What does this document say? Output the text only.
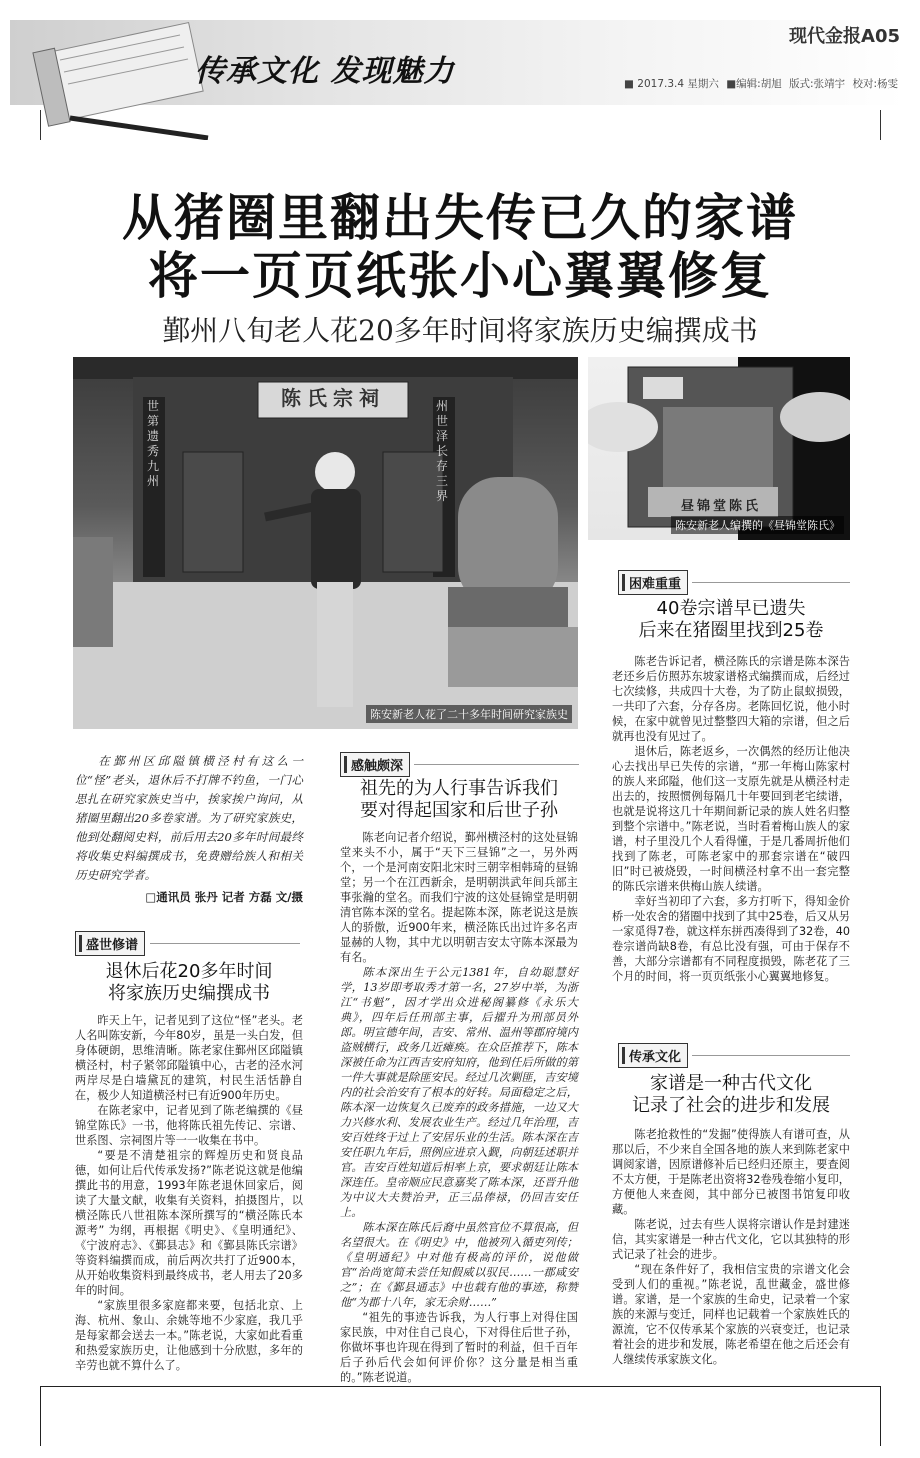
传承文化 发现魅力
现代金报A05
■ 2017.3.4 星期六 ■编辑:胡旭 版式:张靖宇 校对:杨雯
从猪圈里翻出失传已久的家谱
将一页页纸张小心翼翼修复
鄞州八旬老人花20多年时间将家族历史编撰成书
陈氏宗祠
世第遗秀九州
州世泽长存三界
陈安新老人花了二十多年时间研究家族史
昼锦堂陈氏
陈安新老人编撰的《昼锦堂陈氏》

在鄞州区邱隘镇横泾村有这么一位“怪”老头，退休后不打牌不钓鱼，一门心思扎在研究家族史当中，挨家挨户询问，从猪圈里翻出20多卷家谱。为了研究家族史，他到处翻阅史料，前后用去20多年时间最终将收集史料编撰成书，免费赠给族人和相关历史研究学者。

□通讯员 张丹 记者 方磊 文/摄
盛世修谱
退休后花20多年时间
将家族历史编撰成书

昨天上午，记者见到了这位“怪”老头。老人名叫陈安新，今年80岁，虽是一头白发，但身体硬朗，思维清晰。陈老家住鄞州区邱隘镇横泾村，村子紧邻邱隘镇中心，古老的泾水河两岸尽是白墙黛瓦的建筑，村民生活恬静自在，极少人知道横泾村已有近900年历史。

在陈老家中，记者见到了陈老编撰的《昼锦堂陈氏》一书，他将陈氏祖先传记、宗谱、世系图、宗祠图片等一一收集在书中。

“要是不清楚祖宗的辉煌历史和贤良品德，如何让后代传承发扬?”陈老说这就是他编撰此书的用意，1993年陈老退休回家后，阅读了大量文献，收集有关资料，拍摄图片，以横泾陈氏八世祖陈本深所撰写的“横泾陈氏本源考” 为纲，再根据《明史》、《皇明通纪》、《宁波府志》、《鄞县志》和《鄞县陈氏宗谱》等资料编撰而成，前后两次共打了近900本，从开始收集资料到最终成书，老人用去了20多年的时间。

“家族里很多家庭都来要，包括北京、上海、杭州、象山、余姚等地不少家庭，我几乎是每家都会送去一本。”陈老说，大家如此看重和热爱家族历史，让他感到十分欣慰，多年的辛劳也就不算什么了。

感触颇深
祖先的为人行事告诉我们
要对得起国家和后世子孙

陈老向记者介绍说，鄞州横泾村的这处昼锦堂来头不小，属于“天下三昼锦”之一，另外两个，一个是河南安阳北宋时三朝宰相韩琦的昼锦堂；另一个在江西新余，是明朝洪武年间兵部主事张瀚的堂名。而我们宁波的这处昼锦堂是明朝清官陈本深的堂名。提起陈本深，陈老说这是族人的骄傲，近900年来，横泾陈氏出过许多名声显赫的人物，其中尤以明朝吉安太守陈本深最为有名。

陈本深出生于公元1381年，自幼聪慧好学，13岁即考取秀才第一名，27岁中举，为浙江“书魁”，因才学出众进秘阁纂修《永乐大典》，四年后任刑部主事，后擢升为刑部员外郎。明宣德年间，吉安、常州、温州等郡府境内盗贼横行，政务几近瘫痪。在众臣推荐下，陈本深被任命为江西吉安府知府，他到任后所做的第一件大事就是除匪安民。经过几次剿匪，吉安境内的社会治安有了根本的好转。局面稳定之后，陈本深一边恢复久已废弃的政务措施，一边又大力兴修水利、发展农业生产。经过几年治理，吉安百姓终于过上了安居乐业的生活。陈本深在吉安任职九年后，照例应进京入觐，向朝廷述职并官。吉安百姓知道后相率上京，要求朝廷让陈本深连任。皇帝顺应民意嘉奖了陈本深，还晋升他为中议大夫赞治尹，正三品俸禄，仍回吉安任上。

陈本深在陈氏后裔中虽然官位不算很高，但名望很大。在《明史》中，他被列入循吏列传；《皇明通纪》中对他有极高的评价，说他做官“治尚宽简未尝任知假威以驭民……一郡咸安之”；在《鄞县通志》中也载有他的事迹，称赞他“为郡十八年，家无余财……”

“祖先的事迹告诉我，为人行事上对得住国家民族，中对住自己良心，下对得住后世子孙，你做坏事也许现在得到了暂时的利益，但千百年后子孙后代会如何评价你？这分量是相当重的。”陈老说道。

困难重重
40卷宗谱早已遗失
后来在猪圈里找到25卷

陈老告诉记者，横泾陈氏的宗谱是陈本深告老还乡后仿照苏东坡家谱格式编撰而成，后经过七次续修，共成四十大卷，为了防止鼠蚁损毁，一共印了六套，分存各房。老陈回忆说，他小时候，在家中就曾见过整整四大箱的宗谱，但之后就再也没有见过了。

退休后，陈老返乡，一次偶然的经历让他决心去找出早已失传的宗谱，“那一年梅山陈家村的族人来邱隘，他们这一支原先就是从横泾村走出去的，按照惯例每隔几十年要回到老宅续谱，也就是说将这几十年期间新记录的族人姓名归整到整个宗谱中。”陈老说，当时看着梅山族人的家谱，村子里没几个人看得懂，于是几番周折他们找到了陈老，可陈老家中的那套宗谱在“破四旧”时已被烧毁，一时间横泾村拿不出一套完整的陈氏宗谱来供梅山族人续谱。

幸好当初印了六套，多方打听下，得知金价桥一处农舍的猪圈中找到了其中25卷，后又从另一家觅得7卷，就这样东拼西凑得到了32卷，40卷宗谱尚缺8卷，有总比没有强，可由于保存不善，大部分宗谱都有不同程度损毁，陈老花了三个月的时间，将一页页纸张小心翼翼地修复。

传承文化
家谱是一种古代文化
记录了社会的进步和发展

陈老抢救性的“发掘”使得族人有谱可查，从那以后，不少来自全国各地的族人来到陈老家中调阅家谱，因原谱修补后已经归还原主，要查阅不太方便，于是陈老出资将32卷残卷缩小复印，方便他人来查阅，其中部分已被图书馆复印收藏。

陈老说，过去有些人误将宗谱认作是封建迷信，其实家谱是一种古代文化，它以其独特的形式记录了社会的进步。

“现在条件好了，我相信宝贵的宗谱文化会受到人们的重视。”陈老说，乱世藏金，盛世修谱。家谱，是一个家族的生命史，记录着一个家族的来源与变迁，同样也记载着一个家族姓氏的源流，它不仅传承某个家族的兴衰变迁，也记录着社会的进步和发展，陈老希望在他之后还会有人继续传承家族文化。
